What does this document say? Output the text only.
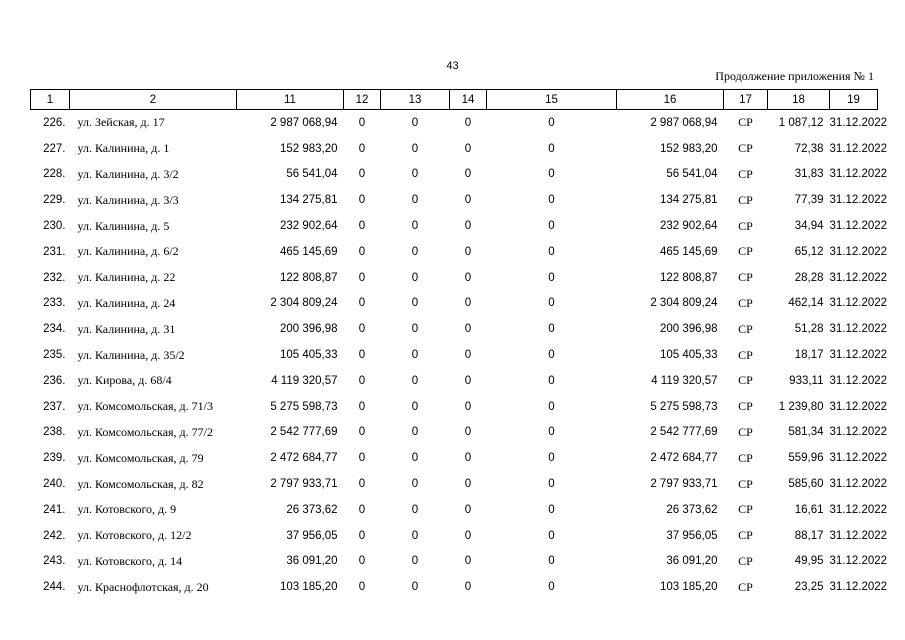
43
Продолжение приложения № 1
1	2	11	12	13	14	15	16	17	18	19
226.	ул. Зейская, д. 17	2 987 068,94	0	0	0	0	2 987 068,94	СР	1 087,12	31.12.2022
227.	ул. Калинина, д. 1	152 983,20	0	0	0	0	152 983,20	СР	72,38	31.12.2022
228.	ул. Калинина, д. 3/2	56 541,04	0	0	0	0	56 541,04	СР	31,83	31.12.2022
229.	ул. Калинина, д. 3/3	134 275,81	0	0	0	0	134 275,81	СР	77,39	31.12.2022
230.	ул. Калинина, д. 5	232 902,64	0	0	0	0	232 902,64	СР	34,94	31.12.2022
231.	ул. Калинина, д. 6/2	465 145,69	0	0	0	0	465 145,69	СР	65,12	31.12.2022
232.	ул. Калинина, д. 22	122 808,87	0	0	0	0	122 808,87	СР	28,28	31.12.2022
233.	ул. Калинина, д. 24	2 304 809,24	0	0	0	0	2 304 809,24	СР	462,14	31.12.2022
234.	ул. Калинина, д. 31	200 396,98	0	0	0	0	200 396,98	СР	51,28	31.12.2022
235.	ул. Калинина, д. 35/2	105 405,33	0	0	0	0	105 405,33	СР	18,17	31.12.2022
236.	ул. Кирова, д. 68/4	4 119 320,57	0	0	0	0	4 119 320,57	СР	933,11	31.12.2022
237.	ул. Комсомольская, д. 71/3	5 275 598,73	0	0	0	0	5 275 598,73	СР	1 239,80	31.12.2022
238.	ул. Комсомольская, д. 77/2	2 542 777,69	0	0	0	0	2 542 777,69	СР	581,34	31.12.2022
239.	ул. Комсомольская, д. 79	2 472 684,77	0	0	0	0	2 472 684,77	СР	559,96	31.12.2022
240.	ул. Комсомольская, д. 82	2 797 933,71	0	0	0	0	2 797 933,71	СР	585,60	31.12.2022
241.	ул. Котовского, д. 9	26 373,62	0	0	0	0	26 373,62	СР	16,61	31.12.2022
242.	ул. Котовского, д. 12/2	37 956,05	0	0	0	0	37 956,05	СР	88,17	31.12.2022
243.	ул. Котовского, д. 14	36 091,20	0	0	0	0	36 091,20	СР	49,95	31.12.2022
244.	ул. Краснофлотская, д. 20	103 185,20	0	0	0	0	103 185,20	СР	23,25	31.12.2022
